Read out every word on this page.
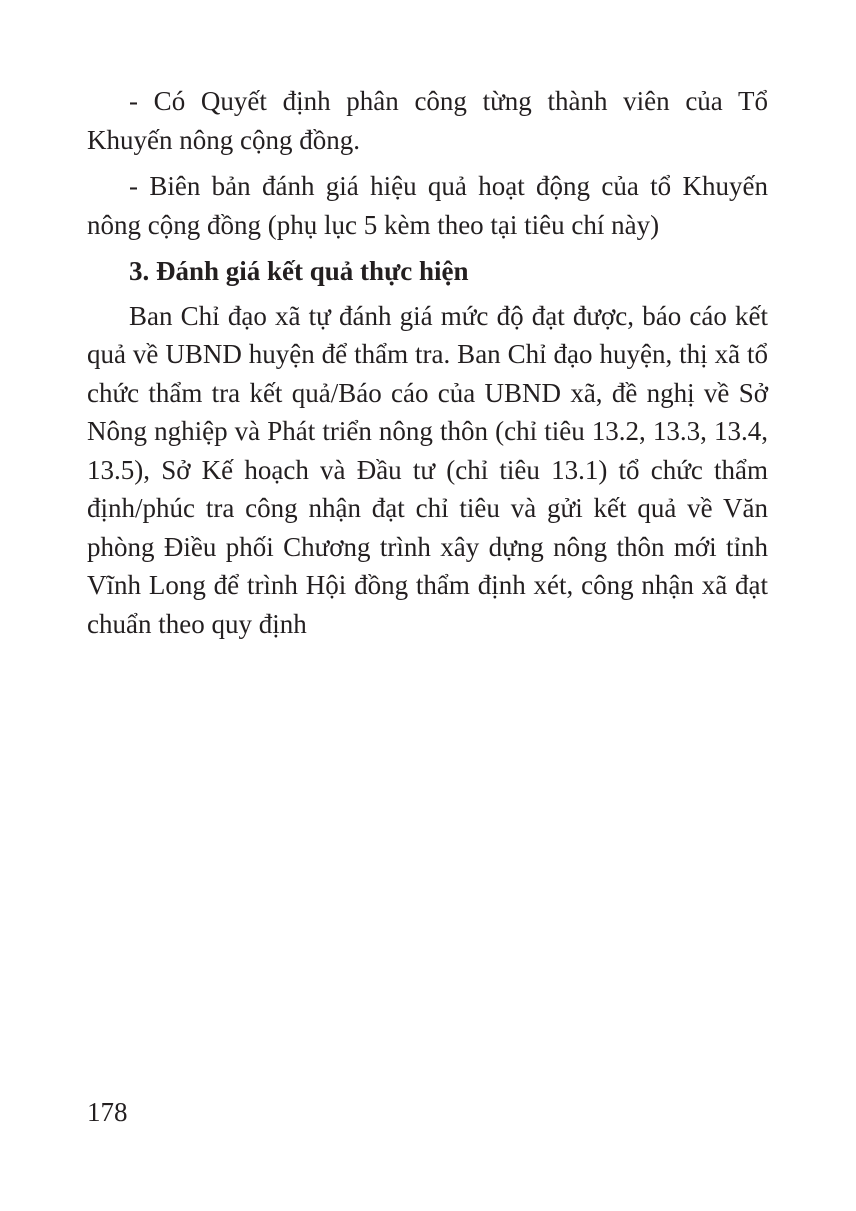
- Có Quyết định phân công từng thành viên của Tổ Khuyến nông cộng đồng.

- Biên bản đánh giá hiệu quả hoạt động của tổ Khuyến nông cộng đồng (phụ lục 5 kèm theo tại tiêu chí này)

3. Đánh giá kết quả thực hiện

Ban Chỉ đạo xã tự đánh giá mức độ đạt được, báo cáo kết quả về UBND huyện để thẩm tra. Ban Chỉ đạo huyện, thị xã tổ chức thẩm tra kết quả/Báo cáo của UBND xã, đề nghị về Sở Nông nghiệp và Phát triển nông thôn (chỉ tiêu 13.2, 13.3, 13.4, 13.5), Sở Kế hoạch và Đầu tư (chỉ tiêu 13.1) tổ chức thẩm định/phúc tra công nhận đạt chỉ tiêu và gửi kết quả về Văn phòng Điều phối Chương trình xây dựng nông thôn mới tỉnh Vĩnh Long để trình Hội đồng thẩm định xét, công nhận xã đạt chuẩn theo quy định

178
